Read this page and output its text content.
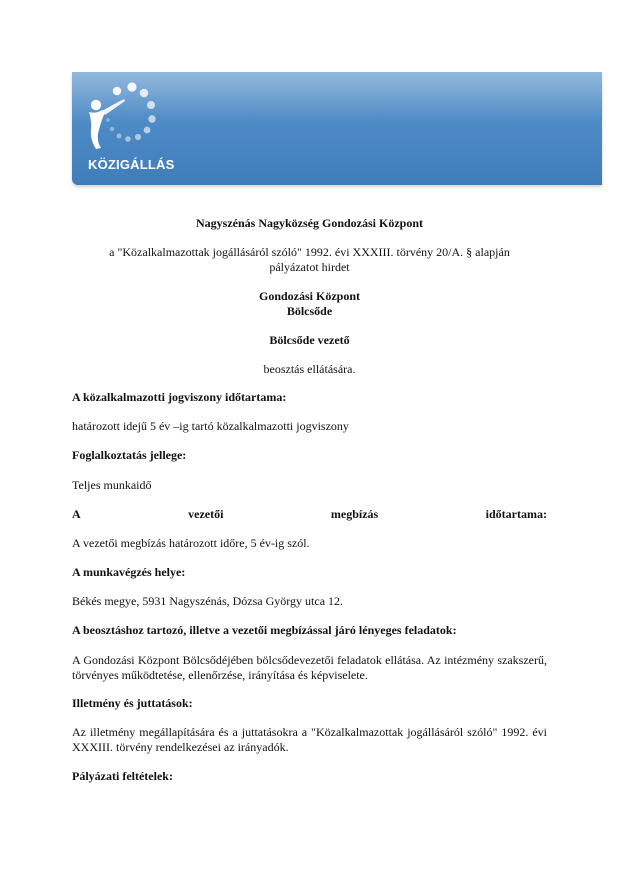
KÖZIGÁLLÁS
Nagyszénás Nagyközség Gondozási Központ
a "Közalkalmazottak jogállásáról szóló" 1992. évi XXXIII. törvény 20/A. § alapján
pályázatot hirdet
Gondozási Központ
Bölcsőde
Bölcsőde vezető
beosztás ellátására.
A közalkalmazotti jogviszony időtartama:
határozott idejű 5 év –ig tartó közalkalmazotti jogviszony
Foglalkoztatás jellege:
Teljes munkaidő
A	vezetői	megbízás	időtartama:
A vezetői megbízás határozott időre, 5 év-ig szól.
A munkavégzés helye:
Békés megye, 5931 Nagyszénás, Dózsa György utca 12.
A beosztáshoz tartozó, illetve a vezetői megbízással járó lényeges feladatok:
A Gondozási Központ Bölcsődéjében bölcsődevezetői feladatok ellátása. Az intézmény szakszerű, törvényes működtetése, ellenőrzése, irányítása és képviselete.
Illetmény és juttatások:
Az illetmény megállapítására és a juttatásokra a "Közalkalmazottak jogállásáról szóló" 1992. évi XXXIII. törvény rendelkezései az irányadók.
Pályázati feltételek:
